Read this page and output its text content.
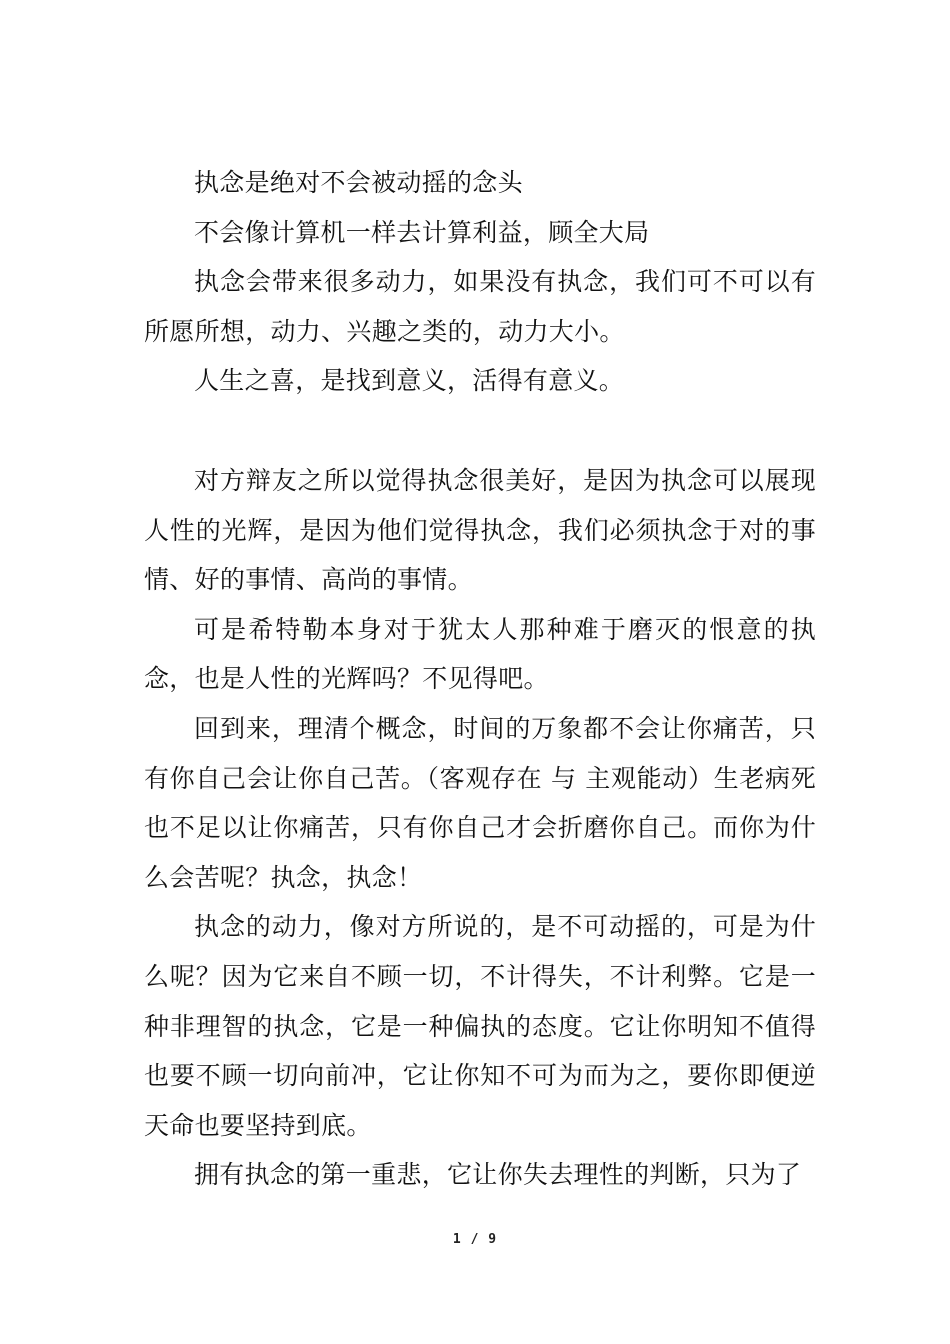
执念是绝对不会被动摇的念头

不会像计算机一样去计算利益，顾全大局

执念会带来很多动力，如果没有执念，我们可不可以有所愿所想，动力、兴趣之类的，动力大小。

人生之喜，是找到意义，活得有意义。

对方辩友之所以觉得执念很美好，是因为执念可以展现人性的光辉，是因为他们觉得执念，我们必须执念于对的事情、好的事情、高尚的事情。

可是希特勒本身对于犹太人那种难于磨灭的恨意的执念，也是人性的光辉吗？不见得吧。

回到来，理清个概念，时间的万象都不会让你痛苦，只有你自己会让你自己苦。（客观存在 与 主观能动）生老病死也不足以让你痛苦，只有你自己才会折磨你自己。而你为什么会苦呢？执念，执念！

执念的动力，像对方所说的，是不可动摇的，可是为什么呢？因为它来自不顾一切，不计得失，不计利弊。它是一种非理智的执念，它是一种偏执的态度。它让你明知不值得也要不顾一切向前冲，它让你知不可为而为之，要你即便逆天命也要坚持到底。

拥有执念的第一重悲，它让你失去理性的判断，只为了

1 / 9
